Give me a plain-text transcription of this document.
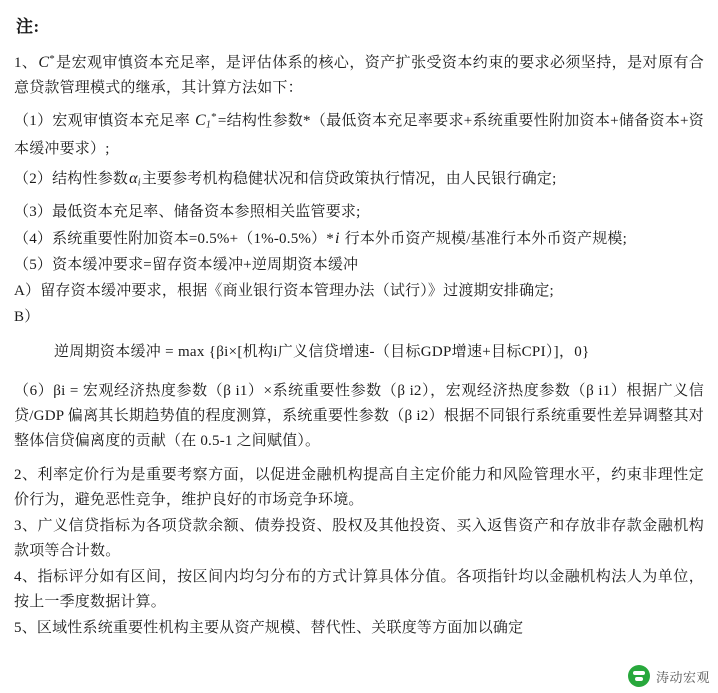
注:

1、C*是宏观审慎资本充足率，是评估体系的核心，资产扩张受资本约束的要求必须坚持，是对原有合意贷款管理模式的继承，其计算方法如下：

（1）宏观审慎资本充足率 $C_1^*=$结构性参数*（最低资本充足率要求+系统重要性附加资本+储备资本+资本缓冲要求）;

（2）结构性参数$\alpha_i$主要参考机构稳健状况和信贷政策执行情况，由人民银行确定;

（3）最低资本充足率、储备资本参照相关监管要求;

（4）系统重要性附加资本=0.5%+（1%-0.5%）*i 行本外币资产规模/基准行本外币资产规模;

（5）资本缓冲要求=留存资本缓冲+逆周期资本缓冲

A）留存资本缓冲要求，根据《商业银行资本管理办法（试行）》过渡期安排确定;

B）

逆周期资本缓冲 = max {βi×[机构i广义信贷增速-（目标GDP增速+目标CPI）]，0}

（6）βi = 宏观经济热度参数（β i1）×系统重要性参数（β i2），宏观经济热度参数（β i1）根据广义信贷/GDP 偏离其长期趋势值的程度测算，系统重要性参数（β i2）根据不同银行系统重要性差异调整其对整体信贷偏离度的贡献（在 0.5-1 之间赋值）。

2、利率定价行为是重要考察方面，以促进金融机构提高自主定价能力和风险管理水平，约束非理性定价行为，避免恶性竞争，维护良好的市场竞争环境。

3、广义信贷指标为各项贷款余额、债券投资、股权及其他投资、买入返售资产和存放非存款金融机构款项等合计数。

4、指标评分如有区间，按区间内均匀分布的方式计算具体分值。各项指针均以金融机构法人为单位，按上一季度数据计算。

5、区域性系统重要性机构主要从资产规模、替代性、关联度等方面加以确定

涛动宏观
